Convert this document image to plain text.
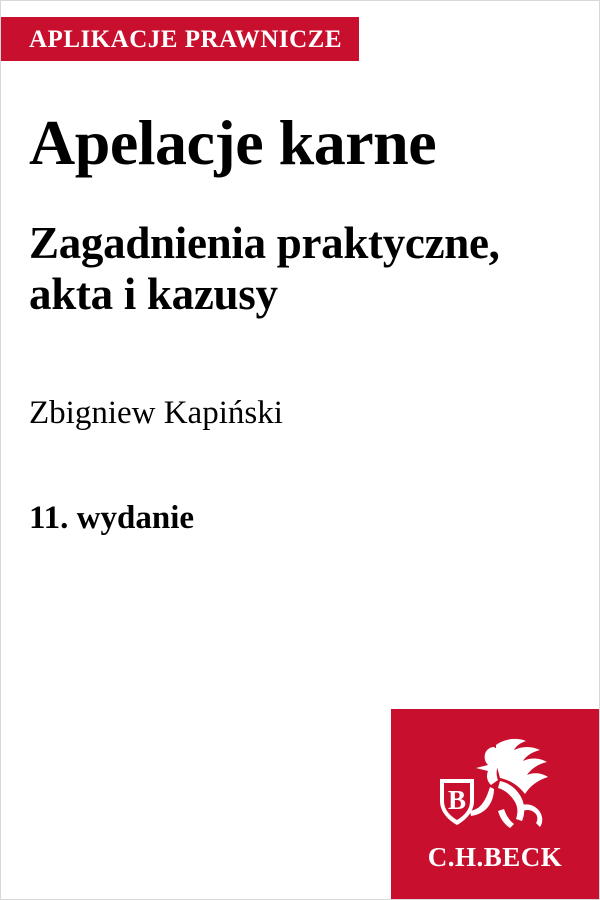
APLIKACJE PRAWNICZE
Apelacje karne
Zagadnienia praktyczne, akta i kazusy

Zbigniew Kapiński

11. wydanie

B
C.H.BECK
